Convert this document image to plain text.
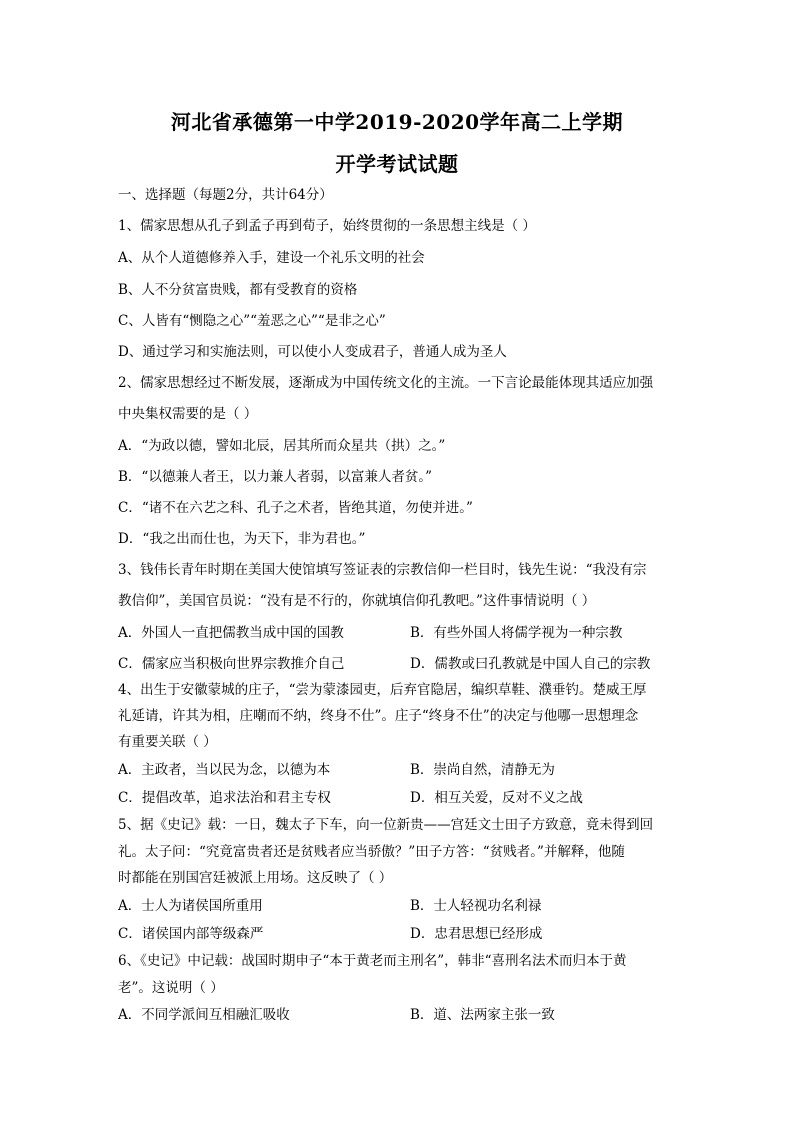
河北省承德第一中学2019-2020学年高二上学期
开学考试试题
一、选择题（每题2分，共计64分）
1、儒家思想从孔子到孟子再到荀子，始终贯彻的一条思想主线是（ ）
A、从个人道德修养入手，建设一个礼乐文明的社会
B、人不分贫富贵贱，都有受教育的资格
C、人皆有“恻隐之心”“羞恶之心”“是非之心”
D、通过学习和实施法则，可以使小人变成君子，普通人成为圣人
2、儒家思想经过不断发展，逐渐成为中国传统文化的主流。一下言论最能体现其适应加强
中央集权需要的是（ ）
A．“为政以德，譬如北辰，居其所而众星共（拱）之。”
B．“以德兼人者王，以力兼人者弱，以富兼人者贫。”
C．“诸不在六艺之科、孔子之术者，皆绝其道，勿使并进。”
D．“我之出而仕也，为天下，非为君也。”
3、钱伟长青年时期在美国大使馆填写签证表的宗教信仰一栏目时，钱先生说：“我没有宗
教信仰”，美国官员说：“没有是不行的，你就填信仰孔教吧。”这件事情说明（ ）
A．外国人一直把儒教当成中国的国教	B．有些外国人将儒学视为一种宗教
C．儒家应当积极向世界宗教推介自己	D．儒教或曰孔教就是中国人自己的宗教
4、出生于安徽蒙城的庄子，“尝为蒙漆园吏，后弃官隐居，编织草鞋、濮垂钓。楚威王厚
礼延请，许其为相，庄嘲而不纳，终身不仕”。庄子“终身不仕”的决定与他哪一思想理念
有重要关联（ ）
A．主政者，当以民为念，以德为本	B．崇尚自然，清静无为
C．提倡改革，追求法治和君主专权	D．相互关爱，反对不义之战
5、据《史记》载：一日，魏太子下车，向一位新贵——宫廷文士田子方致意，竟未得到回
礼。太子问：“究竟富贵者还是贫贱者应当骄傲？”田子方答：“贫贱者。”并解释，他随
时都能在别国宫廷被派上用场。这反映了（ ）
A．士人为诸侯国所重用	B．士人轻视功名利禄
C．诸侯国内部等级森严	D．忠君思想已经形成
6、《史记》中记载：战国时期申子“本于黄老而主刑名”，韩非“喜刑名法术而归本于黄
老”。这说明（ ）
A．不同学派间互相融汇吸收	B．道、法两家主张一致
